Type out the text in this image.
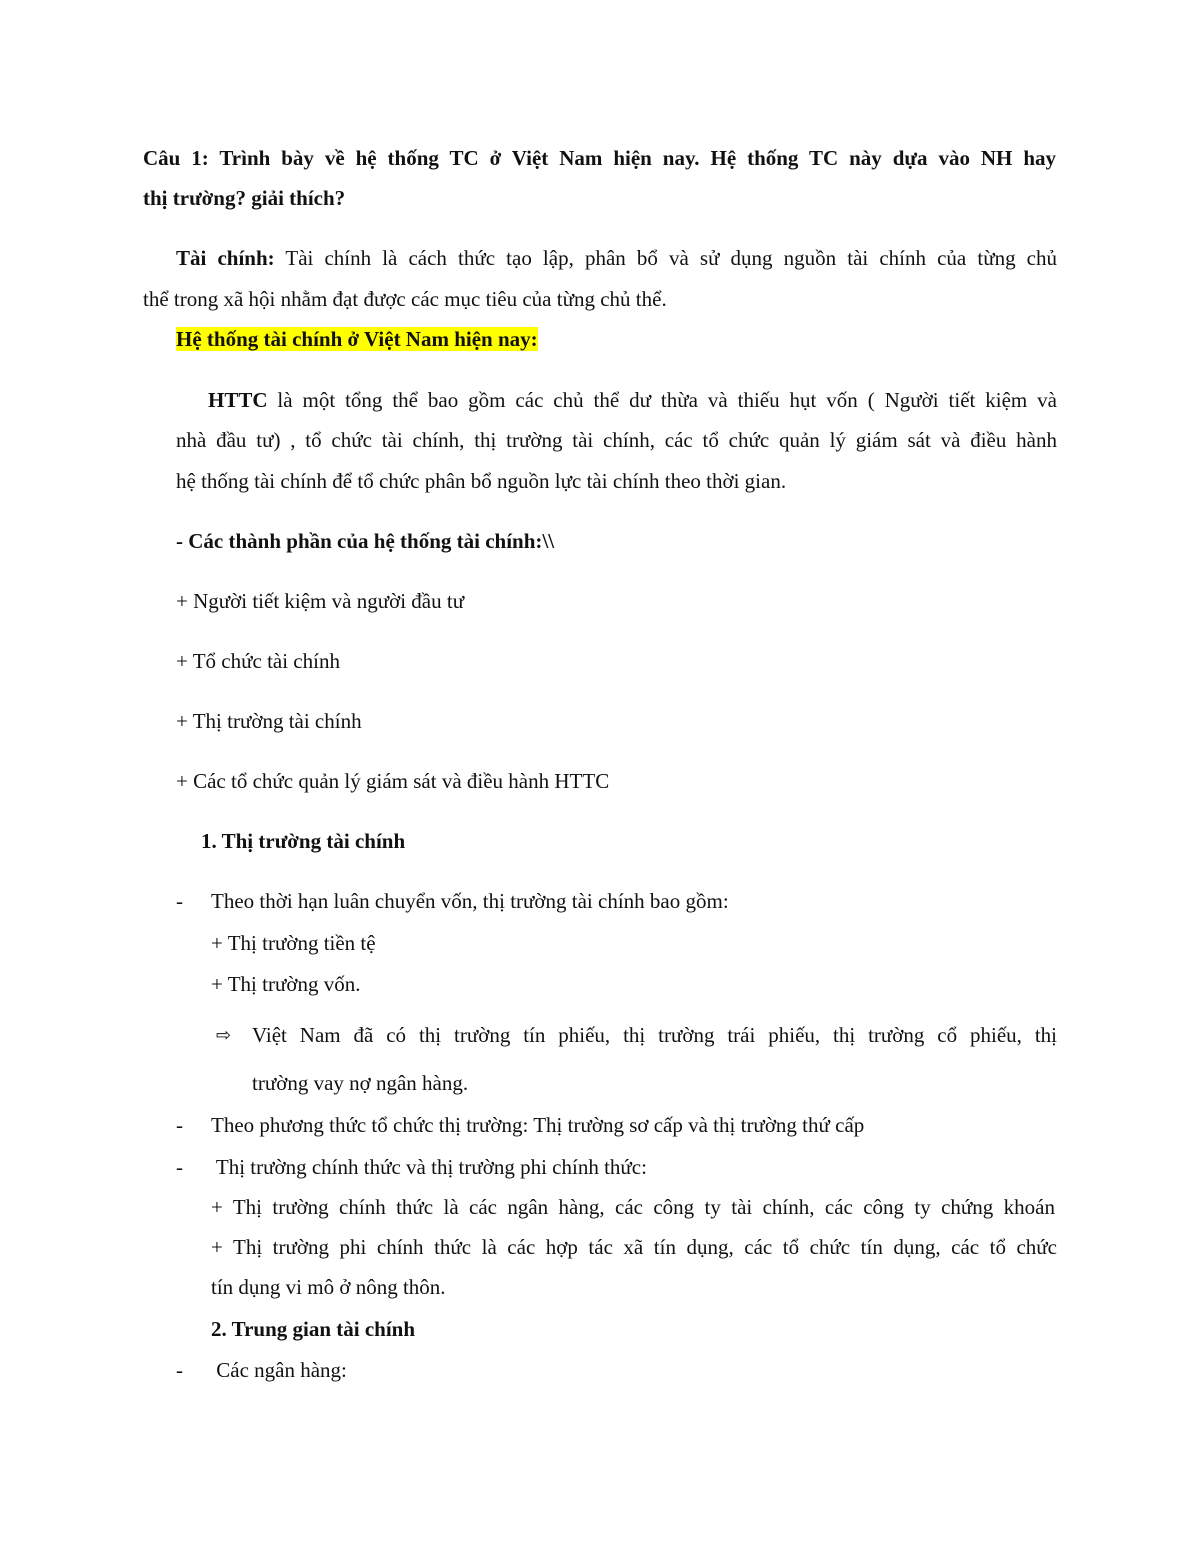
Câu 1: Trình bày về hệ thống TC ở Việt Nam hiện nay. Hệ thống TC này dựa vào NH hay
thị trường? giải thích?
Tài chính: Tài chính là cách thức tạo lập, phân bổ và sử dụng nguồn tài chính của từng chủ
thể trong xã hội nhằm đạt được các mục tiêu của từng chủ thể.
Hệ thống tài chính ở Việt Nam hiện nay:
HTTC là một tổng thể bao gồm các chủ thể dư thừa và thiếu hụt vốn ( Người tiết kiệm và
nhà đầu tư) , tổ chức tài chính, thị trường tài chính, các tổ chức quản lý giám sát và điều hành
hệ thống tài chính để tổ chức phân bổ nguồn lực tài chính theo thời gian.
- Các thành phần của hệ thống tài chính:\\
+ Người tiết kiệm và người đầu tư
+ Tổ chức tài chính
+ Thị trường tài chính
+ Các tổ chức quản lý giám sát và điều hành HTTC
1. Thị trường tài chính
- Theo thời hạn luân chuyển vốn, thị trường tài chính bao gồm:
+ Thị trường tiền tệ
+ Thị trường vốn.
⇨ Việt Nam đã có thị trường tín phiếu, thị trường trái phiếu, thị trường cổ phiếu, thị
trường vay nợ ngân hàng.
- Theo phương thức tổ chức thị trường: Thị trường sơ cấp và thị trường thứ cấp
- Thị trường chính thức và thị trường phi chính thức:
+ Thị trường chính thức là các ngân hàng, các công ty tài chính, các công ty chứng khoán
+ Thị trường phi chính thức là các hợp tác xã tín dụng, các tổ chức tín dụng, các tổ chức
tín dụng vi mô ở nông thôn.
2. Trung gian tài chính
- Các ngân hàng:
